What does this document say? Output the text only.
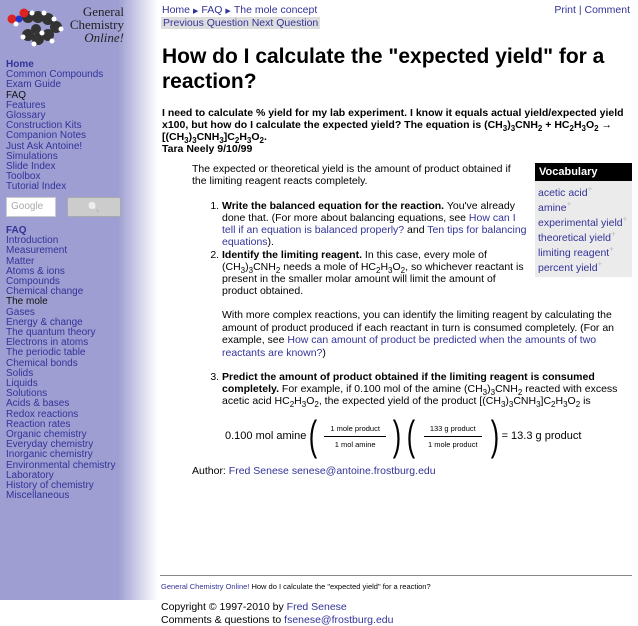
General
Chemistry
Online!
Home
Common Compounds
Exam Guide
FAQ
Features
Glossary
Construction Kits
Companion Notes
Just Ask Antoine!
Simulations
Slide Index
Toolbox
Tutorial Index
Google	🔍
FAQ
Introduction
Measurement
Matter
Atoms & ions
Compounds
Chemical change
The mole
Gases
Energy & change
The quantum theory
Electrons in atoms
The periodic table
Chemical bonds
Solids
Liquids
Solutions
Acids & bases
Redox reactions
Reaction rates
Organic chemistry
Everyday chemistry
Inorganic chemistry
Environmental chemistry
Laboratory
History of chemistry
Miscellaneous
Home ▶ FAQ ▶ The mole concept
Previous Question Next Question
Print | Comment
How do I calculate the "expected yield" for a reaction?
I need to calculate % yield for my lab experiment. I know it equals actual yield/expected yield x100, but how do I calculate the expected yield? The equation is $(CH_3)_3CNH_2 + HC_2H_3O_2 \to [(CH_3)_3CNH_3]C_2H_3O_2$.
Tara Neely 9/10/99
Vocabulary
acetic acid+
amine+
experimental yield+
theoretical yield+
limiting reagent+
percent yield+
The expected or theoretical yield is the amount of product obtained if the limiting reagent reacts completely.
1. Write the balanced equation for the reaction. You've already done that. (For more about balancing equations, see How can I tell if an equation is balanced properly? and Ten tips for balancing equations).
2. Identify the limiting reagent. In this case, every mole of $(CH_3)_3CNH_2$ needs a mole of $HC_2H_3O_2$, so whichever reactant is present in the smaller molar amount will limit the amount of product obtained.
With more complex reactions, you can identify the limiting reagent by calculating the amount of product produced if each reactant in turn is consumed completely. (For an example, see How can amount of product be predicted when the amounts of two reactants are known?)
3. Predict the amount of product obtained if the limiting reagent is consumed completely. For example, if 0.100 mol of the amine $(CH_3)_3CNH_2$ reacted with excess acetic acid $HC_2H_3O_2$, the expected yield of the product $[(CH_3)_3CNH_3]C_2H_3O_2$ is
0.100 mol amine ( $\frac{\text{1 mole product}}{\text{1 mol amine}}$ ) ( $\frac{\text{133 g product}}{\text{1 mole product}}$ ) = 13.3 g product
Author: Fred Senese senese@antoine.frostburg.edu
General Chemistry Online! How do I calculate the "expected yield" for a reaction?
Copyright © 1997-2010 by Fred Senese
Comments & questions to fsenese@frostburg.edu
